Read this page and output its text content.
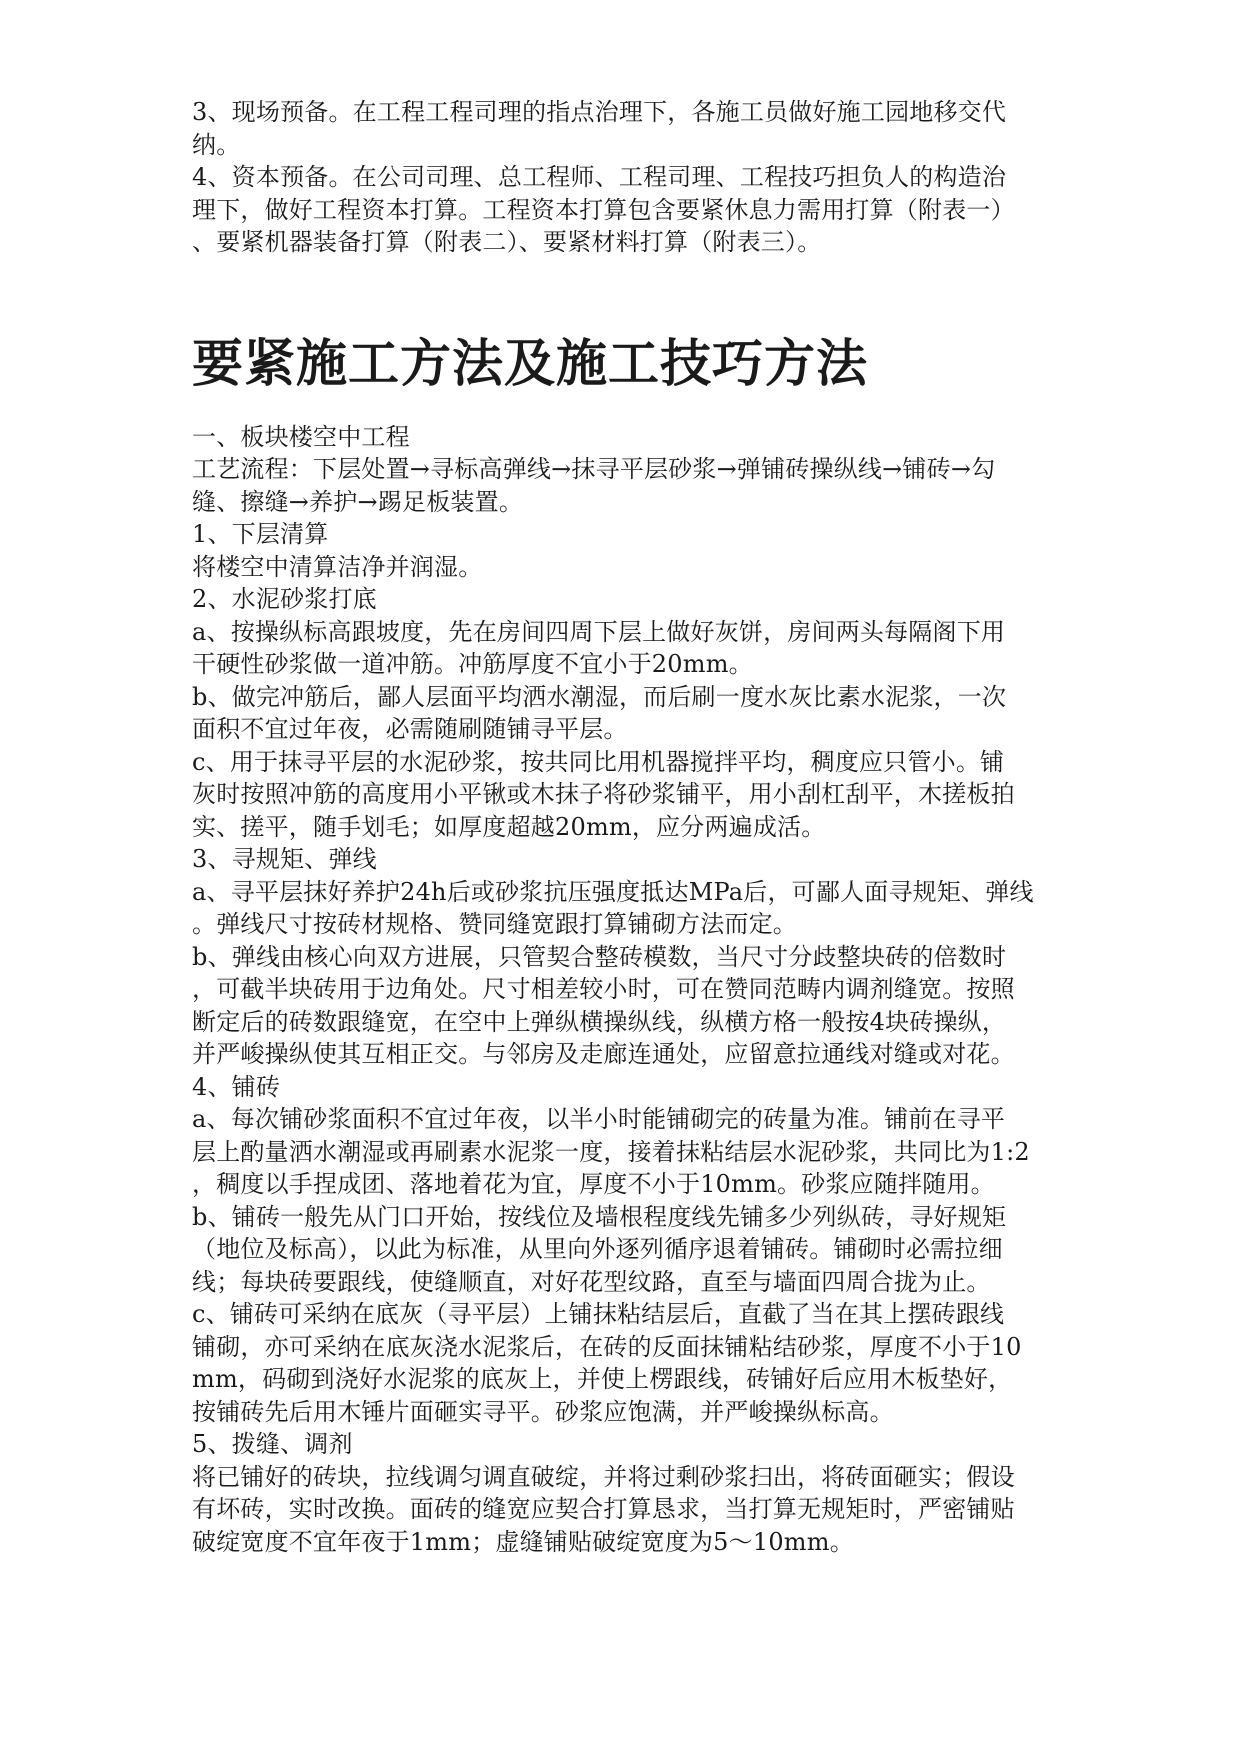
3、现场预备。在工程工程司理的指点治理下，各施工员做好施工园地移交代
纳。
4、资本预备。在公司司理、总工程师、工程司理、工程技巧担负人的构造治
理下，做好工程资本打算。工程资本打算包含要紧休息力需用打算（附表一）
、要紧机器装备打算（附表二）、要紧材料打算（附表三）。
要紧施工方法及施工技巧方法
一、板块楼空中工程
工艺流程：下层处置→寻标高弹线→抹寻平层砂浆→弹铺砖操纵线→铺砖→勾
缝、擦缝→养护→踢足板装置。
1、下层清算
将楼空中清算洁净并润湿。
2、水泥砂浆打底
a、按操纵标高跟坡度，先在房间四周下层上做好灰饼，房间两头每隔阁下用
干硬性砂浆做一道冲筋。冲筋厚度不宜小于20mm。
b、做完冲筋后，鄙人层面平均洒水潮湿，而后刷一度水灰比素水泥浆，一次
面积不宜过年夜，必需随刷随铺寻平层。
c、用于抹寻平层的水泥砂浆，按共同比用机器搅拌平均，稠度应只管小。铺
灰时按照冲筋的高度用小平锹或木抹子将砂浆铺平，用小刮杠刮平，木搓板拍
实、搓平，随手划毛；如厚度超越20mm，应分两遍成活。
3、寻规矩、弹线
a、寻平层抹好养护24h后或砂浆抗压强度抵达MPa后，可鄙人面寻规矩、弹线
。弹线尺寸按砖材规格、赞同缝宽跟打算铺砌方法而定。
b、弹线由核心向双方进展，只管契合整砖模数，当尺寸分歧整块砖的倍数时
，可截半块砖用于边角处。尺寸相差较小时，可在赞同范畴内调剂缝宽。按照
断定后的砖数跟缝宽，在空中上弹纵横操纵线，纵横方格一般按4块砖操纵，
并严峻操纵使其互相正交。与邻房及走廊连通处，应留意拉通线对缝或对花。
4、铺砖
a、每次铺砂浆面积不宜过年夜，以半小时能铺砌完的砖量为准。铺前在寻平
层上酌量洒水潮湿或再刷素水泥浆一度，接着抹粘结层水泥砂浆，共同比为1:2
，稠度以手捏成团、落地着花为宜，厚度不小于10mm。砂浆应随拌随用。
b、铺砖一般先从门口开始，按线位及墙根程度线先铺多少列纵砖，寻好规矩
（地位及标高），以此为标准，从里向外逐列循序退着铺砖。铺砌时必需拉细
线；每块砖要跟线，使缝顺直，对好花型纹路，直至与墙面四周合拢为止。
c、铺砖可采纳在底灰（寻平层）上铺抹粘结层后，直截了当在其上摆砖跟线
铺砌，亦可采纳在底灰浇水泥浆后，在砖的反面抹铺粘结砂浆，厚度不小于10
mm，码砌到浇好水泥浆的底灰上，并使上楞跟线，砖铺好后应用木板垫好，
按铺砖先后用木锤片面砸实寻平。砂浆应饱满，并严峻操纵标高。
5、拨缝、调剂
将已铺好的砖块，拉线调匀调直破绽，并将过剩砂浆扫出，将砖面砸实；假设
有坏砖，实时改换。面砖的缝宽应契合打算恳求，当打算无规矩时，严密铺贴
破绽宽度不宜年夜于1mm；虚缝铺贴破绽宽度为5～10mm。
